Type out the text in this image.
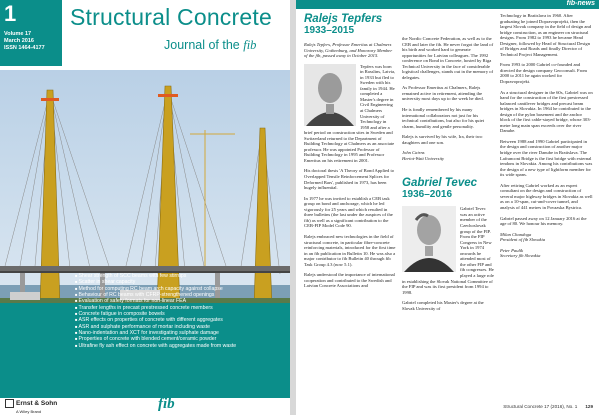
1
Volume 17
March 2016
ISSN 1464-4177
Structural Concrete
Journal of the fib
■ Shear strength of SCC beams with few stirrups
■ Scatter in shear capacity
■ Method for computing RC beam arch capacity against collapse
■ Behaviour of RC beams with CFRP-strengthened openings
■ Evaluation of safety formats for non-linear FEA
■ Transfer lengths in precast prestressed concrete members
■ Concrete fatigue in composite bowels
■ ASR effects on properties of concrete with different aggregates
■ ASR and sulphate performance of mortar including waste
■ Nano-indentation and XCT for investigating sulphate damage
■ Properties of concrete with blended cement/ceramic powder
■ Ultrafine fly ash effect on concrete with aggregates made from waste
Ernst & Sohn
A Wiley Brand	fib
fib-news
Ralejs Tepfers
1933–2015

Ralejs Tepfers, Professor Emeritus at Chalmers University, Gothenburg, and Honorary Member of the fib, passed away in October 2015.

Tepfers was born in Rasslins, Latvia, in 1933 but fled to Sweden with his family in 1944. He completed a Master's degree in Civil Engineering at Chalmers University of Technology in 1958 and after a brief period on construction sites in Sweden and Switzerland returned to the Department of Building Technology at Chalmers as an associate professor. He was appointed Professor of Building Technology in 1995 and Professor Emeritus on his retirement in 2001.

His doctoral thesis 'A Theory of Bond Applied to Overlapped Tensile Reinforcement Splices for Deformed Bars', published in 1973, has been hugely influential.

In 1977 he was invited to establish a CEB task group on bond and anchorage, which he led vigorously for 25 years and which resulted in three bulletins (the last under the auspices of the fib) as well as a significant contribution to the CEB-FIP Model Code 90.

Ralejs embraced new technologies in the field of structural concrete, in particular fibre-concrete reinforcing materials, introduced for the first time in an fib publication in Bulletin 10. He was also a major contributor to fib Bulletin 40 through fib Task Group 4.3 (now 5.1).

Ralejs understood the importance of international cooperation and contributed to the Swedish and Latvian Concrete Associations and

the Nordic Concrete Federation, as well as to the CEB and later the fib. He never forgot the land of his birth and worked hard to generate opportunities for Latvian colleagues. The 1992 conference on Bond in Concrete, hosted by Riga Technical University in the face of considerable logistical challenges, stands out in the memory of delegates.

As Professor Emeritus at Chalmers, Ralejs remained active in retirement, attending the university most days up to the week he died.

He is fondly remembered by his many international collaborators not just for his technical contributions, but also for his quiet charm, humility and gentle personality.

Ralejs is survived by his wife, Ira, their two daughters and one son.

John Cairns
Heriot-Watt University

Gabriel Tevec
1936–2016

Gabriel Tevec was an active member of the Czechoslovak group of the FIP. From the FIP Congress in New York in 1974 onwards he attended most of the other FIP and fib congresses. He played a large role in establishing the Slovak National Committee of the FIP and was its first president from 1994 to 1998.

Gabriel completed his Master's degree at the Slovak University of

Technology in Bratislava in 1960. After graduating he joined Dopravoprojekt, then the largest Slovak company in the field of design and bridge construction, as an engineer on structural designs. From 1982 to 1993 he became Head Designer, followed by Head of Structural Design of Bridges and Roads and finally Director of Technical Project Management.

From 1993 to 2000 Gabriel co-founded and directed the design company Geoconsult. From 2000 to 2011 he again worked for Dopravoprojekt.

As a structural designer in the 60s, Gabriel was on hand for the construction of the first prestressed balanced cantilever bridges and precast beam bridges in Slovakia. In 1964 he contributed to the design of the pylon basement and the anchor block of the first cable-stayed bridge, whose 303-metre long main span exceeds over the river Danube.

Between 1988 and 1990 Gabriel participated in the design and construction of another major bridge over the river Danube in Bratislava. The Lafranconi Bridge is the first bridge with external tendons in Slovakia. Among his contributions was the design of a new type of lightform member for its wide spans.

After retiring Gabriel worked as an expert consultant on the design and construction of several major highway bridges in Slovakia as well as on a 10-span, cut-and-cover tunnel, and analysis of 441 metres in Povazska Bystrica.

Gabriel passed away on 12 January 2016 at the age of 80. We honour his memory.

Milan Chandoga
President of fib Slovakia

Peter Paulík
Secretary fib Slovakia

Structural Concrete 17 (2016), No. 1 129
